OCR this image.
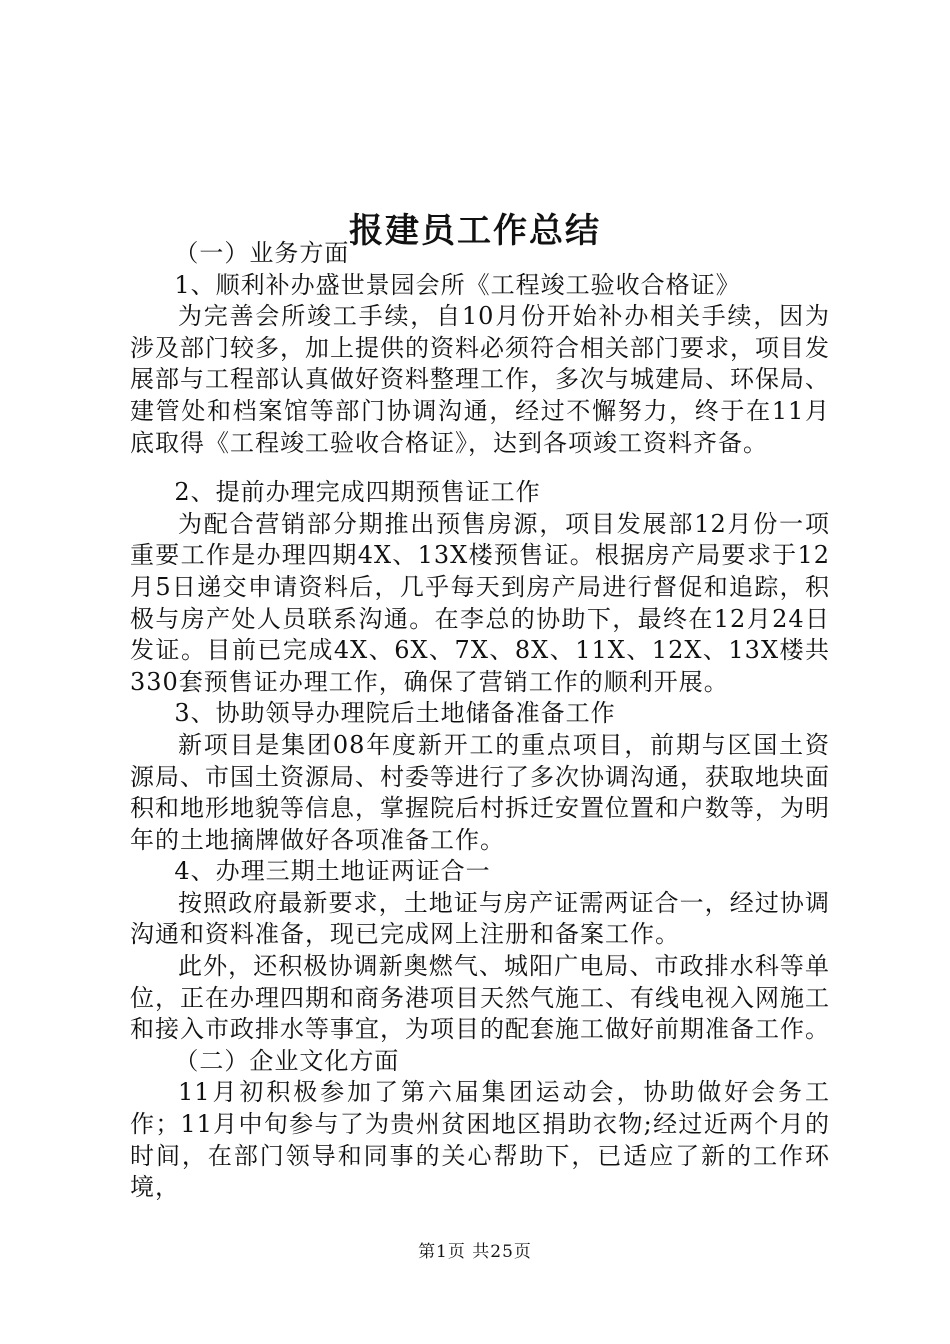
报建员工作总结

（一）业务方面

1、顺利补办盛世景园会所《工程竣工验收合格证》

为完善会所竣工手续，自10月份开始补办相关手续，因为涉及部门较多，加上提供的资料必须符合相关部门要求，项目发展部与工程部认真做好资料整理工作，多次与城建局、环保局、建管处和档案馆等部门协调沟通，经过不懈努力，终于在11月底取得《工程竣工验收合格证》，达到各项竣工资料齐备。

2、提前办理完成四期预售证工作

为配合营销部分期推出预售房源，项目发展部12月份一项重要工作是办理四期4X、13X楼预售证。根据房产局要求于12月5日递交申请资料后，几乎每天到房产局进行督促和追踪，积极与房产处人员联系沟通。在李总的协助下，最终在12月24日发证。目前已完成4X、6X、7X、8X、11X、12X、13X楼共330套预售证办理工作，确保了营销工作的顺利开展。

3、协助领导办理院后土地储备准备工作

新项目是集团08年度新开工的重点项目，前期与区国土资源局、市国土资源局、村委等进行了多次协调沟通，获取地块面积和地形地貌等信息，掌握院后村拆迁安置位置和户数等，为明年的土地摘牌做好各项准备工作。

4、办理三期土地证两证合一

按照政府最新要求，土地证与房产证需两证合一，经过协调沟通和资料准备，现已完成网上注册和备案工作。

此外，还积极协调新奥燃气、城阳广电局、市政排水科等单位，正在办理四期和商务港项目天然气施工、有线电视入网施工和接入市政排水等事宜，为项目的配套施工做好前期准备工作。

（二）企业文化方面

11月初积极参加了第六届集团运动会，协助做好会务工作；11月中旬参与了为贵州贫困地区捐助衣物;经过近两个月的时间，在部门领导和同事的关心帮助下，已适应了新的工作环境，

第1页 共25页
